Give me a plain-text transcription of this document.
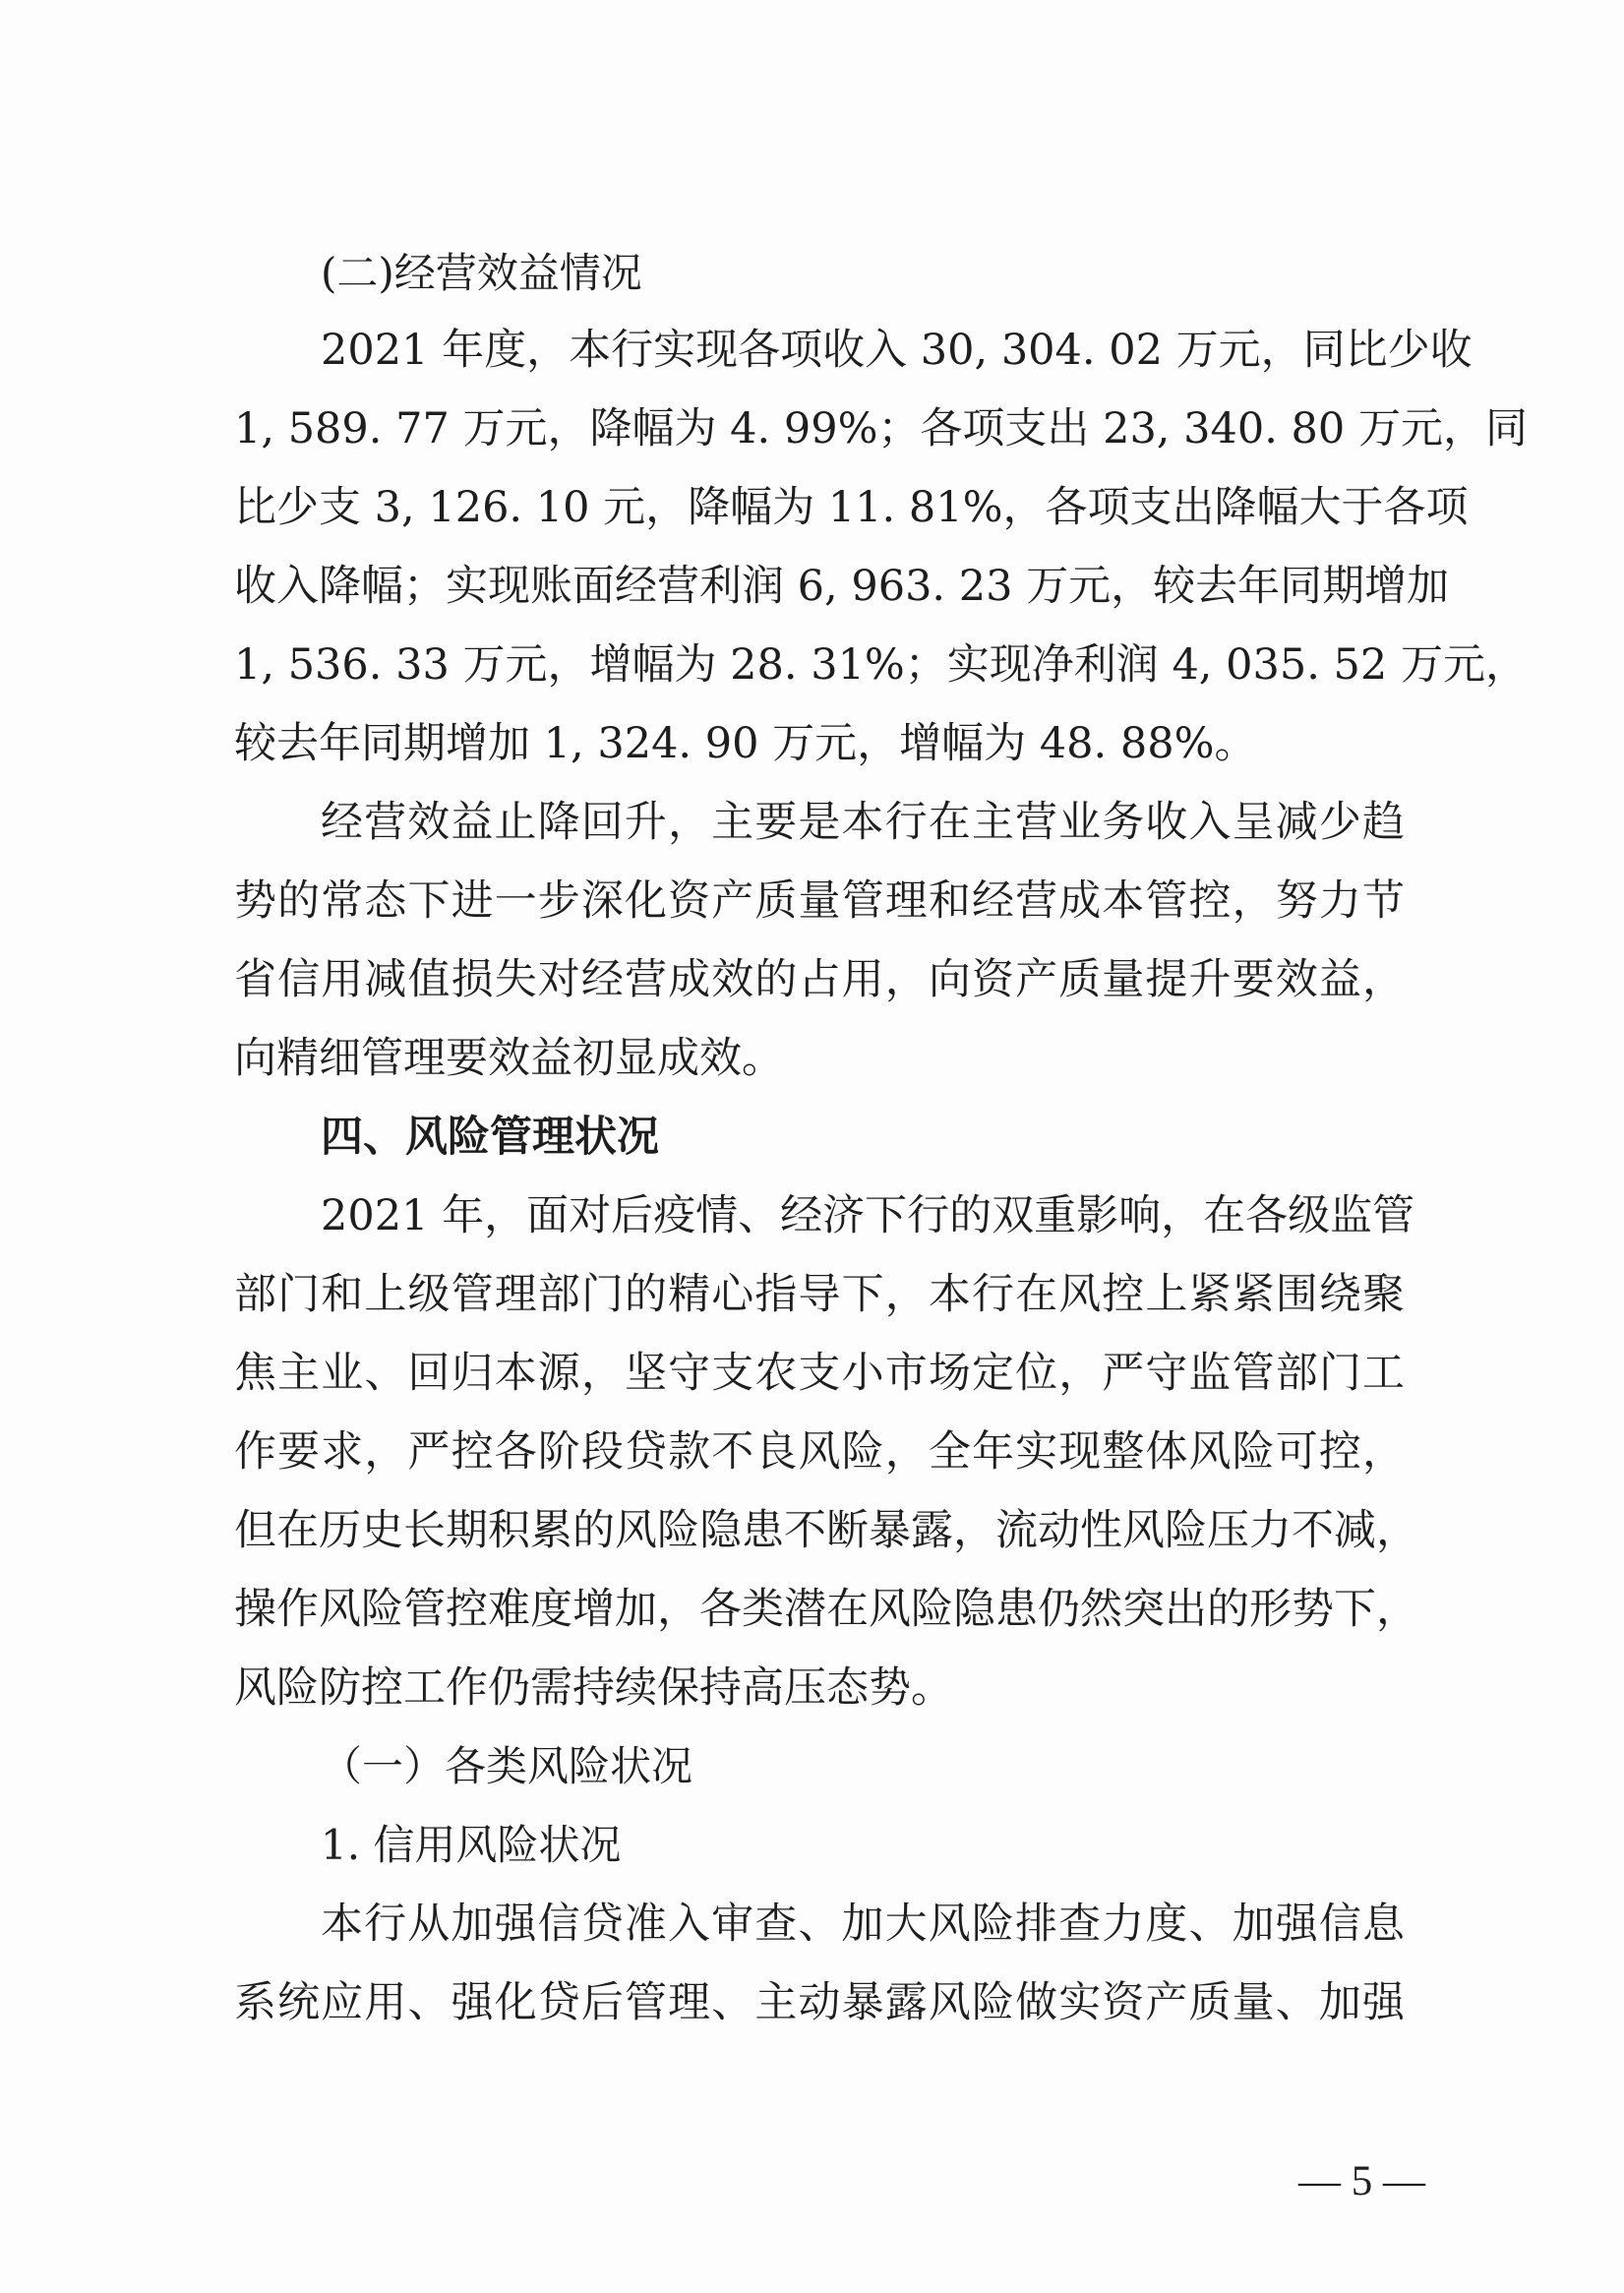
(二)经营效益情况
2021 年度，本行实现各项收入 30, 304. 02 万元，同比少收
1, 589. 77 万元，降幅为 4. 99%；各项支出 23, 340. 80 万元，同
比少支 3, 126. 10 元，降幅为 11. 81%，各项支出降幅大于各项
收入降幅；实现账面经营利润 6, 963. 23 万元，较去年同期增加
1, 536. 33 万元，增幅为 28. 31%；实现净利润 4, 035. 52 万元，
较去年同期增加 1, 324. 90 万元，增幅为 48. 88%。
经营效益止降回升，主要是本行在主营业务收入呈减少趋
势的常态下进一步深化资产质量管理和经营成本管控，努力节
省信用减值损失对经营成效的占用，向资产质量提升要效益，
向精细管理要效益初显成效。
四、风险管理状况
2021 年，面对后疫情、经济下行的双重影响，在各级监管
部门和上级管理部门的精心指导下，本行在风控上紧紧围绕聚
焦主业、回归本源，坚守支农支小市场定位，严守监管部门工
作要求，严控各阶段贷款不良风险，全年实现整体风险可控，
但在历史长期积累的风险隐患不断暴露，流动性风险压力不减，
操作风险管控难度增加，各类潜在风险隐患仍然突出的形势下，
风险防控工作仍需持续保持高压态势。
（一）各类风险状况
1. 信用风险状况
本行从加强信贷准入审查、加大风险排查力度、加强信息
系统应用、强化贷后管理、主动暴露风险做实资产质量、加强
— 5 —
